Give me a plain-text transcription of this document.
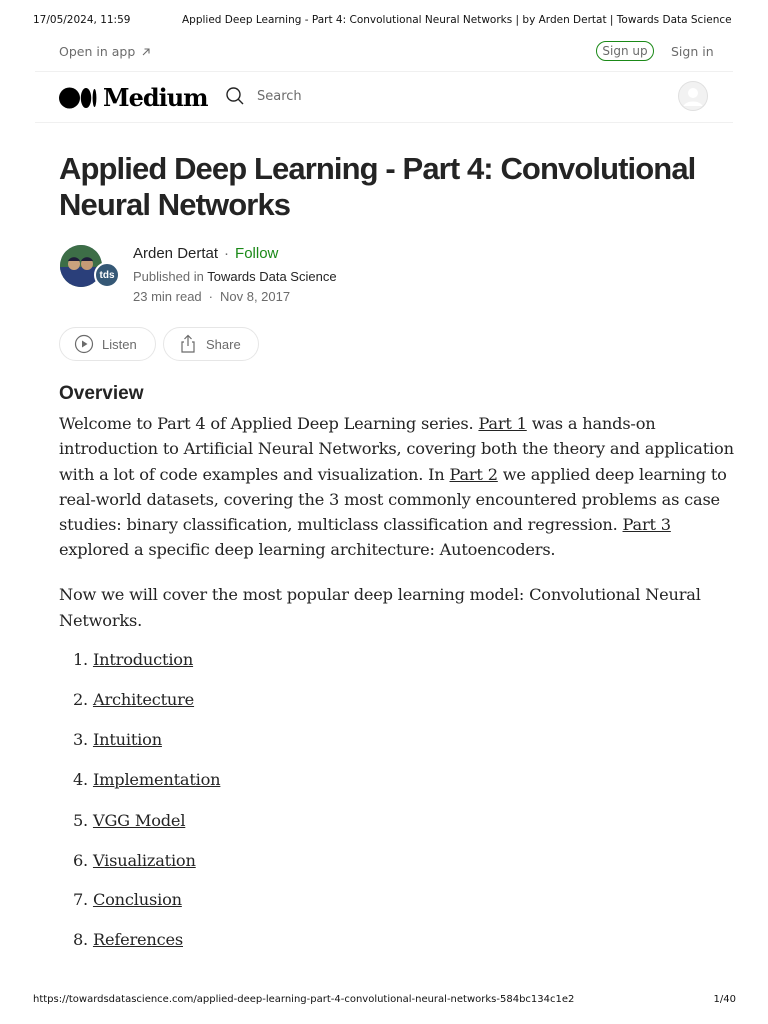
17/05/2024, 11:59	Applied Deep Learning - Part 4: Convolutional Neural Networks | by Arden Dertat | Towards Data Science
Open in app	Sign up	Sign in
Medium	Search
Applied Deep Learning - Part 4: Convolutional Neural Networks
tds
Arden Dertat · Follow
Published in Towards Data Science
23 min read · Nov 8, 2017
Listen	Share
Overview

Welcome to Part 4 of Applied Deep Learning series. Part 1 was a hands-on
introduction to Artificial Neural Networks, covering both the theory and application
with a lot of code examples and visualization. In Part 2 we applied deep learning to
real-world datasets, covering the 3 most commonly encountered problems as case
studies: binary classification, multiclass classification and regression. Part 3
explored a specific deep learning architecture: Autoencoders.

Now we will cover the most popular deep learning model: Convolutional Neural
Networks.

1. Introduction
2. Architecture
3. Intuition
4. Implementation
5. VGG Model
6. Visualization
7. Conclusion
8. References
https://towardsdatascience.com/applied-deep-learning-part-4-convolutional-neural-networks-584bc134c1e2	1/40
